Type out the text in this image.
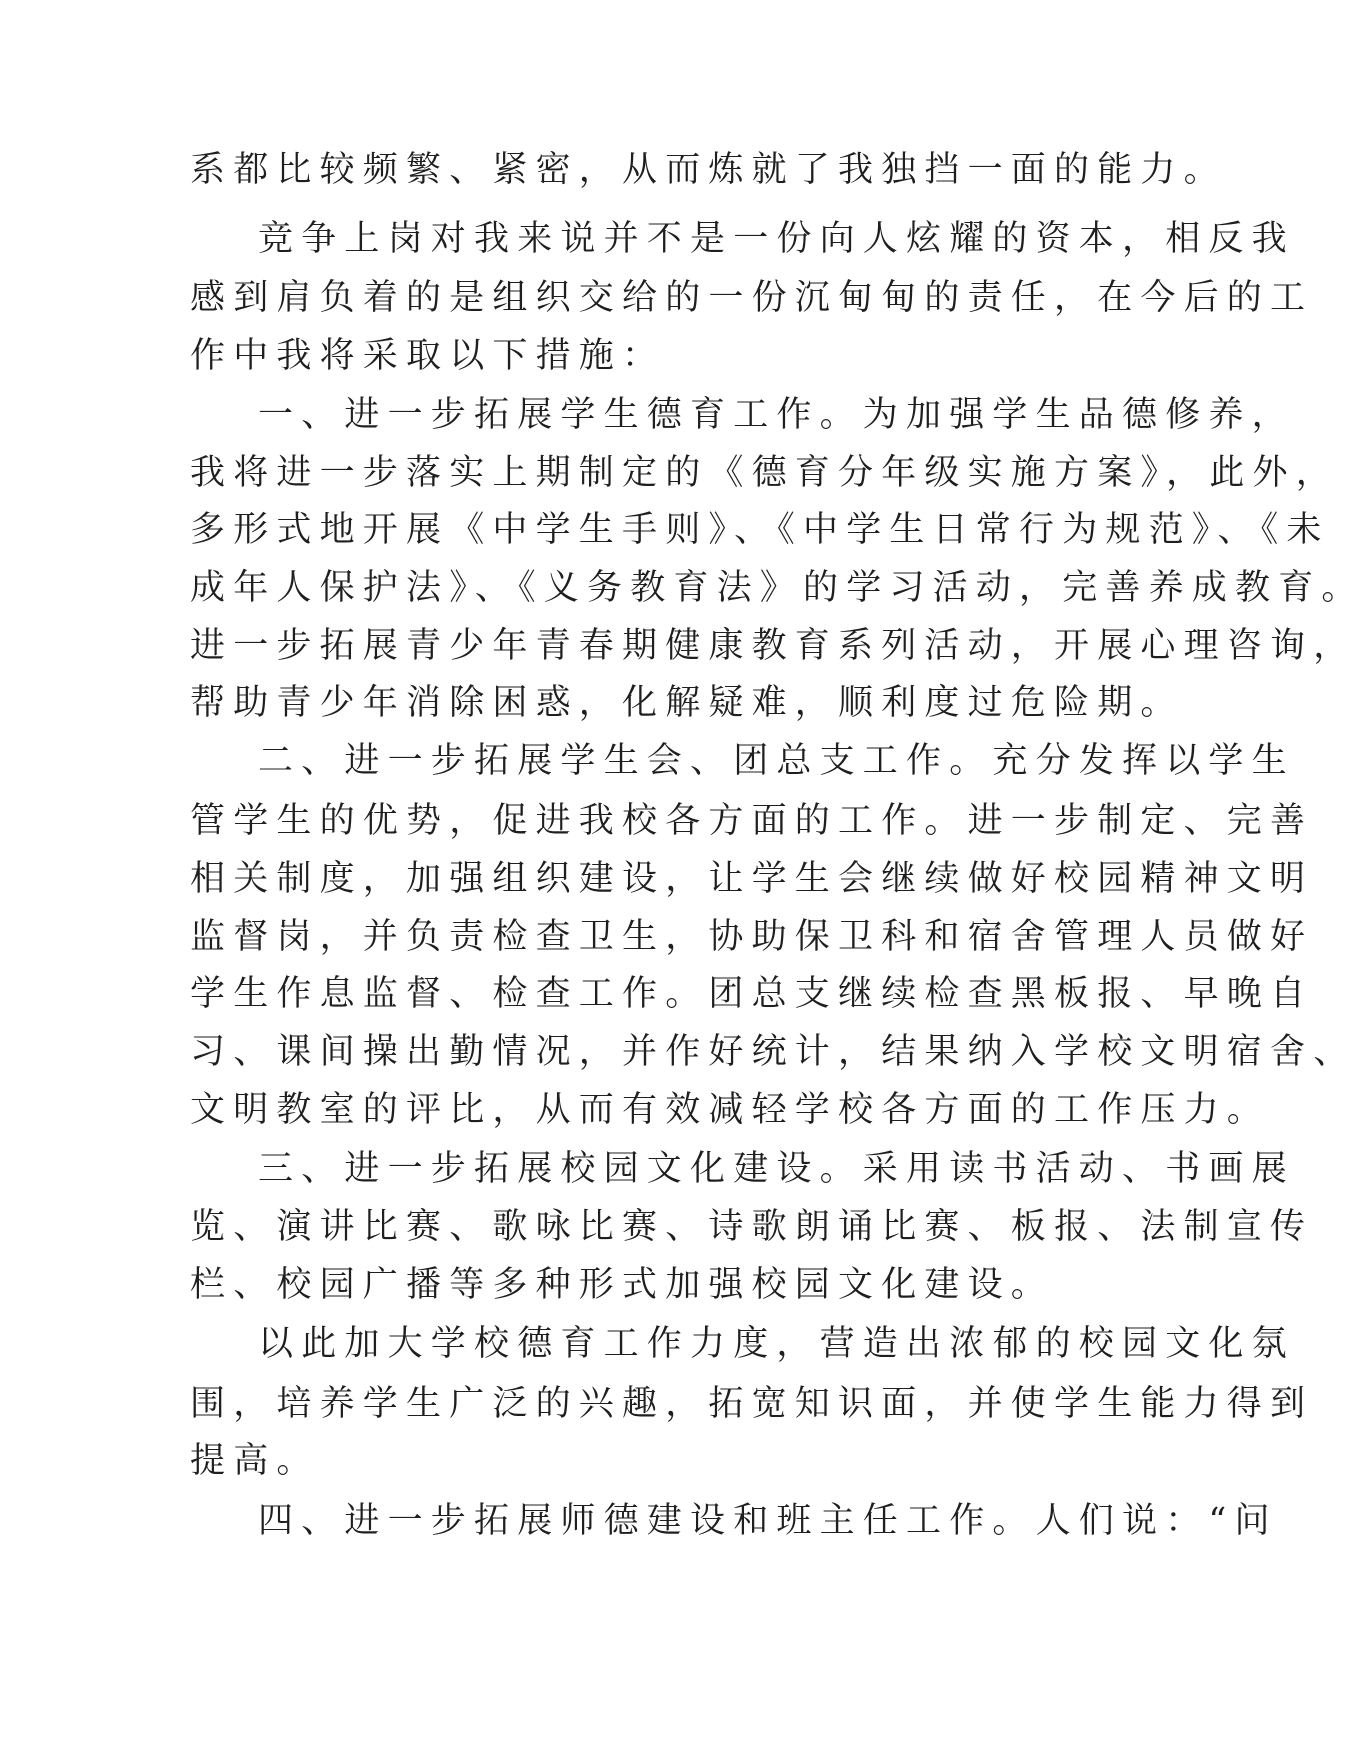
系都比较频繁、紧密，从而炼就了我独挡一面的能力。
竞争上岗对我来说并不是一份向人炫耀的资本，相反我
感到肩负着的是组织交给的一份沉甸甸的责任，在今后的工
作中我将采取以下措施：
一、进一步拓展学生德育工作。为加强学生品德修养，
我将进一步落实上期制定的《德育分年级实施方案》，此外，
多形式地开展《中学生手则》、《中学生日常行为规范》、《未
成年人保护法》、《义务教育法》的学习活动，完善养成教育。
进一步拓展青少年青春期健康教育系列活动，开展心理咨询，
帮助青少年消除困惑，化解疑难，顺利度过危险期。
二、进一步拓展学生会、团总支工作。充分发挥以学生
管学生的优势，促进我校各方面的工作。进一步制定、完善
相关制度，加强组织建设，让学生会继续做好校园精神文明
监督岗，并负责检查卫生，协助保卫科和宿舍管理人员做好
学生作息监督、检查工作。团总支继续检查黑板报、早晚自
习、课间操出勤情况，并作好统计，结果纳入学校文明宿舍、
文明教室的评比，从而有效减轻学校各方面的工作压力。
三、进一步拓展校园文化建设。采用读书活动、书画展
览、演讲比赛、歌咏比赛、诗歌朗诵比赛、板报、法制宣传
栏、校园广播等多种形式加强校园文化建设。
以此加大学校德育工作力度，营造出浓郁的校园文化氛
围，培养学生广泛的兴趣，拓宽知识面，并使学生能力得到
提高。
四、进一步拓展师德建设和班主任工作。人们说：“问
